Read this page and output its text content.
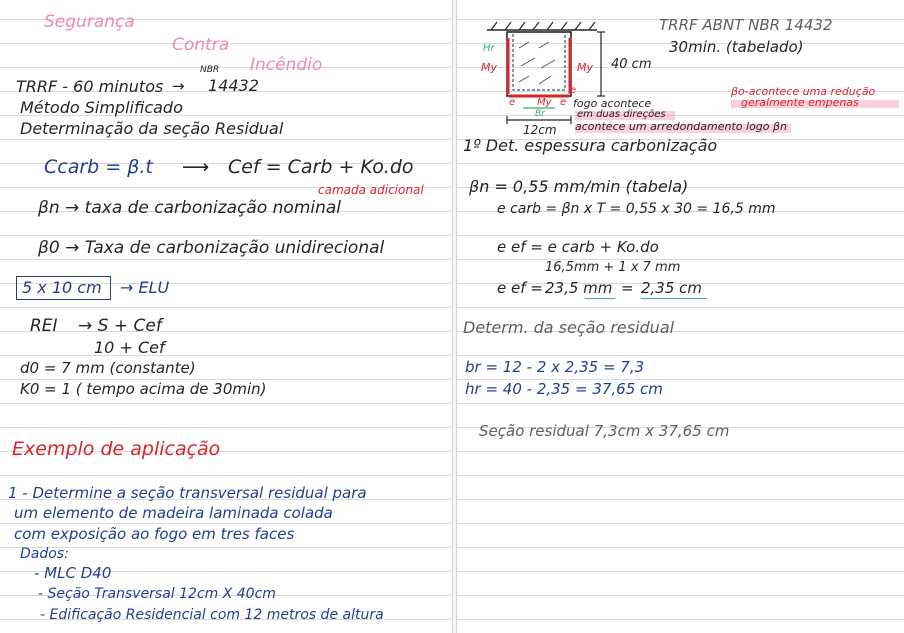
Segurança
Contra
Incêndio
TRRF - 60 minutos →
NBR
14432
Método Simplificado
Determinação da seção Residual
Ccarb = β.t ⟶ Cef = Carb + Ko.do
camada adicional
βn → taxa de carbonização nominal
β0 → Taxa de carbonização unidirecional
5 x 10 cm → ELU
REI → S + Cef
10 + Cef
d0 = 7 mm (constante)
K0 = 1 ( tempo acima de 30min)
Exemplo de aplicação
1 - Determine a seção transversal residual para
um elemento de madeira laminada colada
com exposição ao fogo em tres faces
Dados:
- MLC D40
- Seção Transversal 12cm X 40cm
- Edificação Residencial com 12 metros de altura
TRRF ABNT NBR 14432
30min. (tabelado)
Hr
My	My
My
e	e
e
Br
40 cm
12cm
fogo acontece
em duas direções
acontece um arredondamento logo βn
βo-acontece uma redução
geralmente empenas
1º Det. espessura carbonização
βn = 0,55 mm/min (tabela)
e carb = βn x T = 0,55 x 30 = 16,5 mm
e ef = e carb + Ko.do
16,5mm + 1 x 7 mm
e ef = 23,5 mm = 2,35 cm
Determ. da seção residual
br = 12 - 2 x 2,35 = 7,3
hr = 40 - 2,35 = 37,65 cm
Seção residual 7,3cm x 37,65 cm
